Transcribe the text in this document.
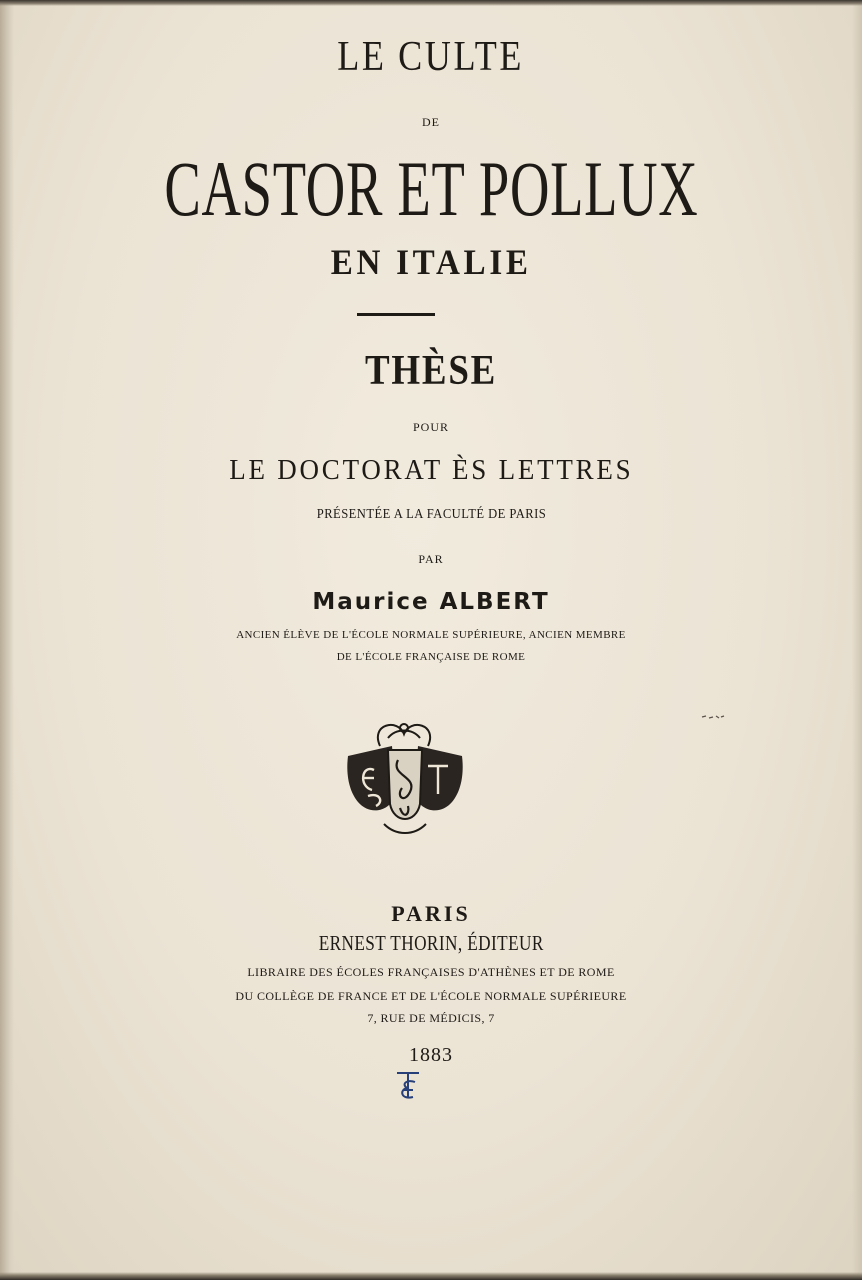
LE CULTE
DE
CASTOR ET POLLUX
EN ITALIE
THÈSE
POUR
LE DOCTORAT ÈS LETTRES
PRÉSENTÉE A LA FACULTÉ DE PARIS
PAR
Maurice ALBERT
ANCIEN ÉLÈVE DE L'ÉCOLE NORMALE SUPÉRIEURE, ANCIEN MEMBRE
DE L'ÉCOLE FRANÇAISE DE ROME
PARIS
ERNEST THORIN, ÉDITEUR
LIBRAIRE DES ÉCOLES FRANÇAISES D'ATHÈNES ET DE ROME
DU COLLÈGE DE FRANCE ET DE L'ÉCOLE NORMALE SUPÉRIEURE
7, RUE DE MÉDICIS, 7
1883
